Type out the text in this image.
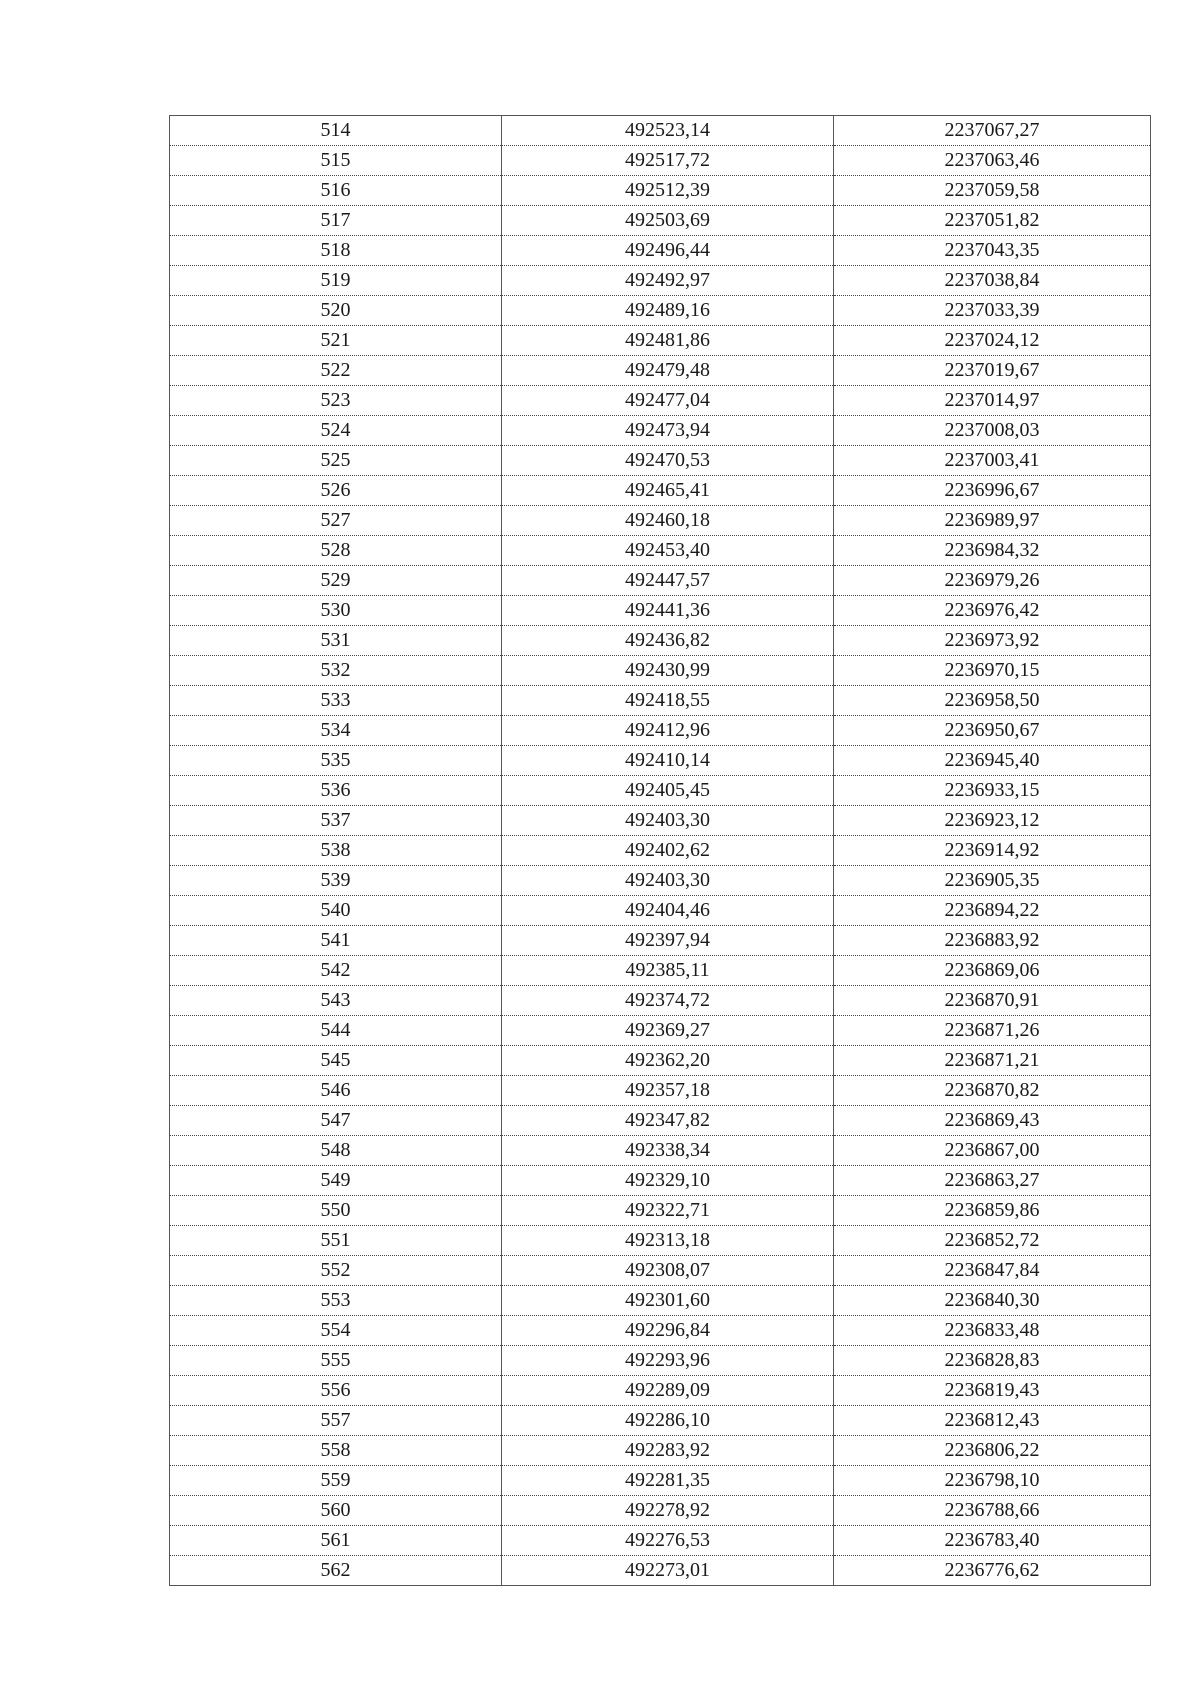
514	492523,14	2237067,27
515	492517,72	2237063,46
516	492512,39	2237059,58
517	492503,69	2237051,82
518	492496,44	2237043,35
519	492492,97	2237038,84
520	492489,16	2237033,39
521	492481,86	2237024,12
522	492479,48	2237019,67
523	492477,04	2237014,97
524	492473,94	2237008,03
525	492470,53	2237003,41
526	492465,41	2236996,67
527	492460,18	2236989,97
528	492453,40	2236984,32
529	492447,57	2236979,26
530	492441,36	2236976,42
531	492436,82	2236973,92
532	492430,99	2236970,15
533	492418,55	2236958,50
534	492412,96	2236950,67
535	492410,14	2236945,40
536	492405,45	2236933,15
537	492403,30	2236923,12
538	492402,62	2236914,92
539	492403,30	2236905,35
540	492404,46	2236894,22
541	492397,94	2236883,92
542	492385,11	2236869,06
543	492374,72	2236870,91
544	492369,27	2236871,26
545	492362,20	2236871,21
546	492357,18	2236870,82
547	492347,82	2236869,43
548	492338,34	2236867,00
549	492329,10	2236863,27
550	492322,71	2236859,86
551	492313,18	2236852,72
552	492308,07	2236847,84
553	492301,60	2236840,30
554	492296,84	2236833,48
555	492293,96	2236828,83
556	492289,09	2236819,43
557	492286,10	2236812,43
558	492283,92	2236806,22
559	492281,35	2236798,10
560	492278,92	2236788,66
561	492276,53	2236783,40
562	492273,01	2236776,62
